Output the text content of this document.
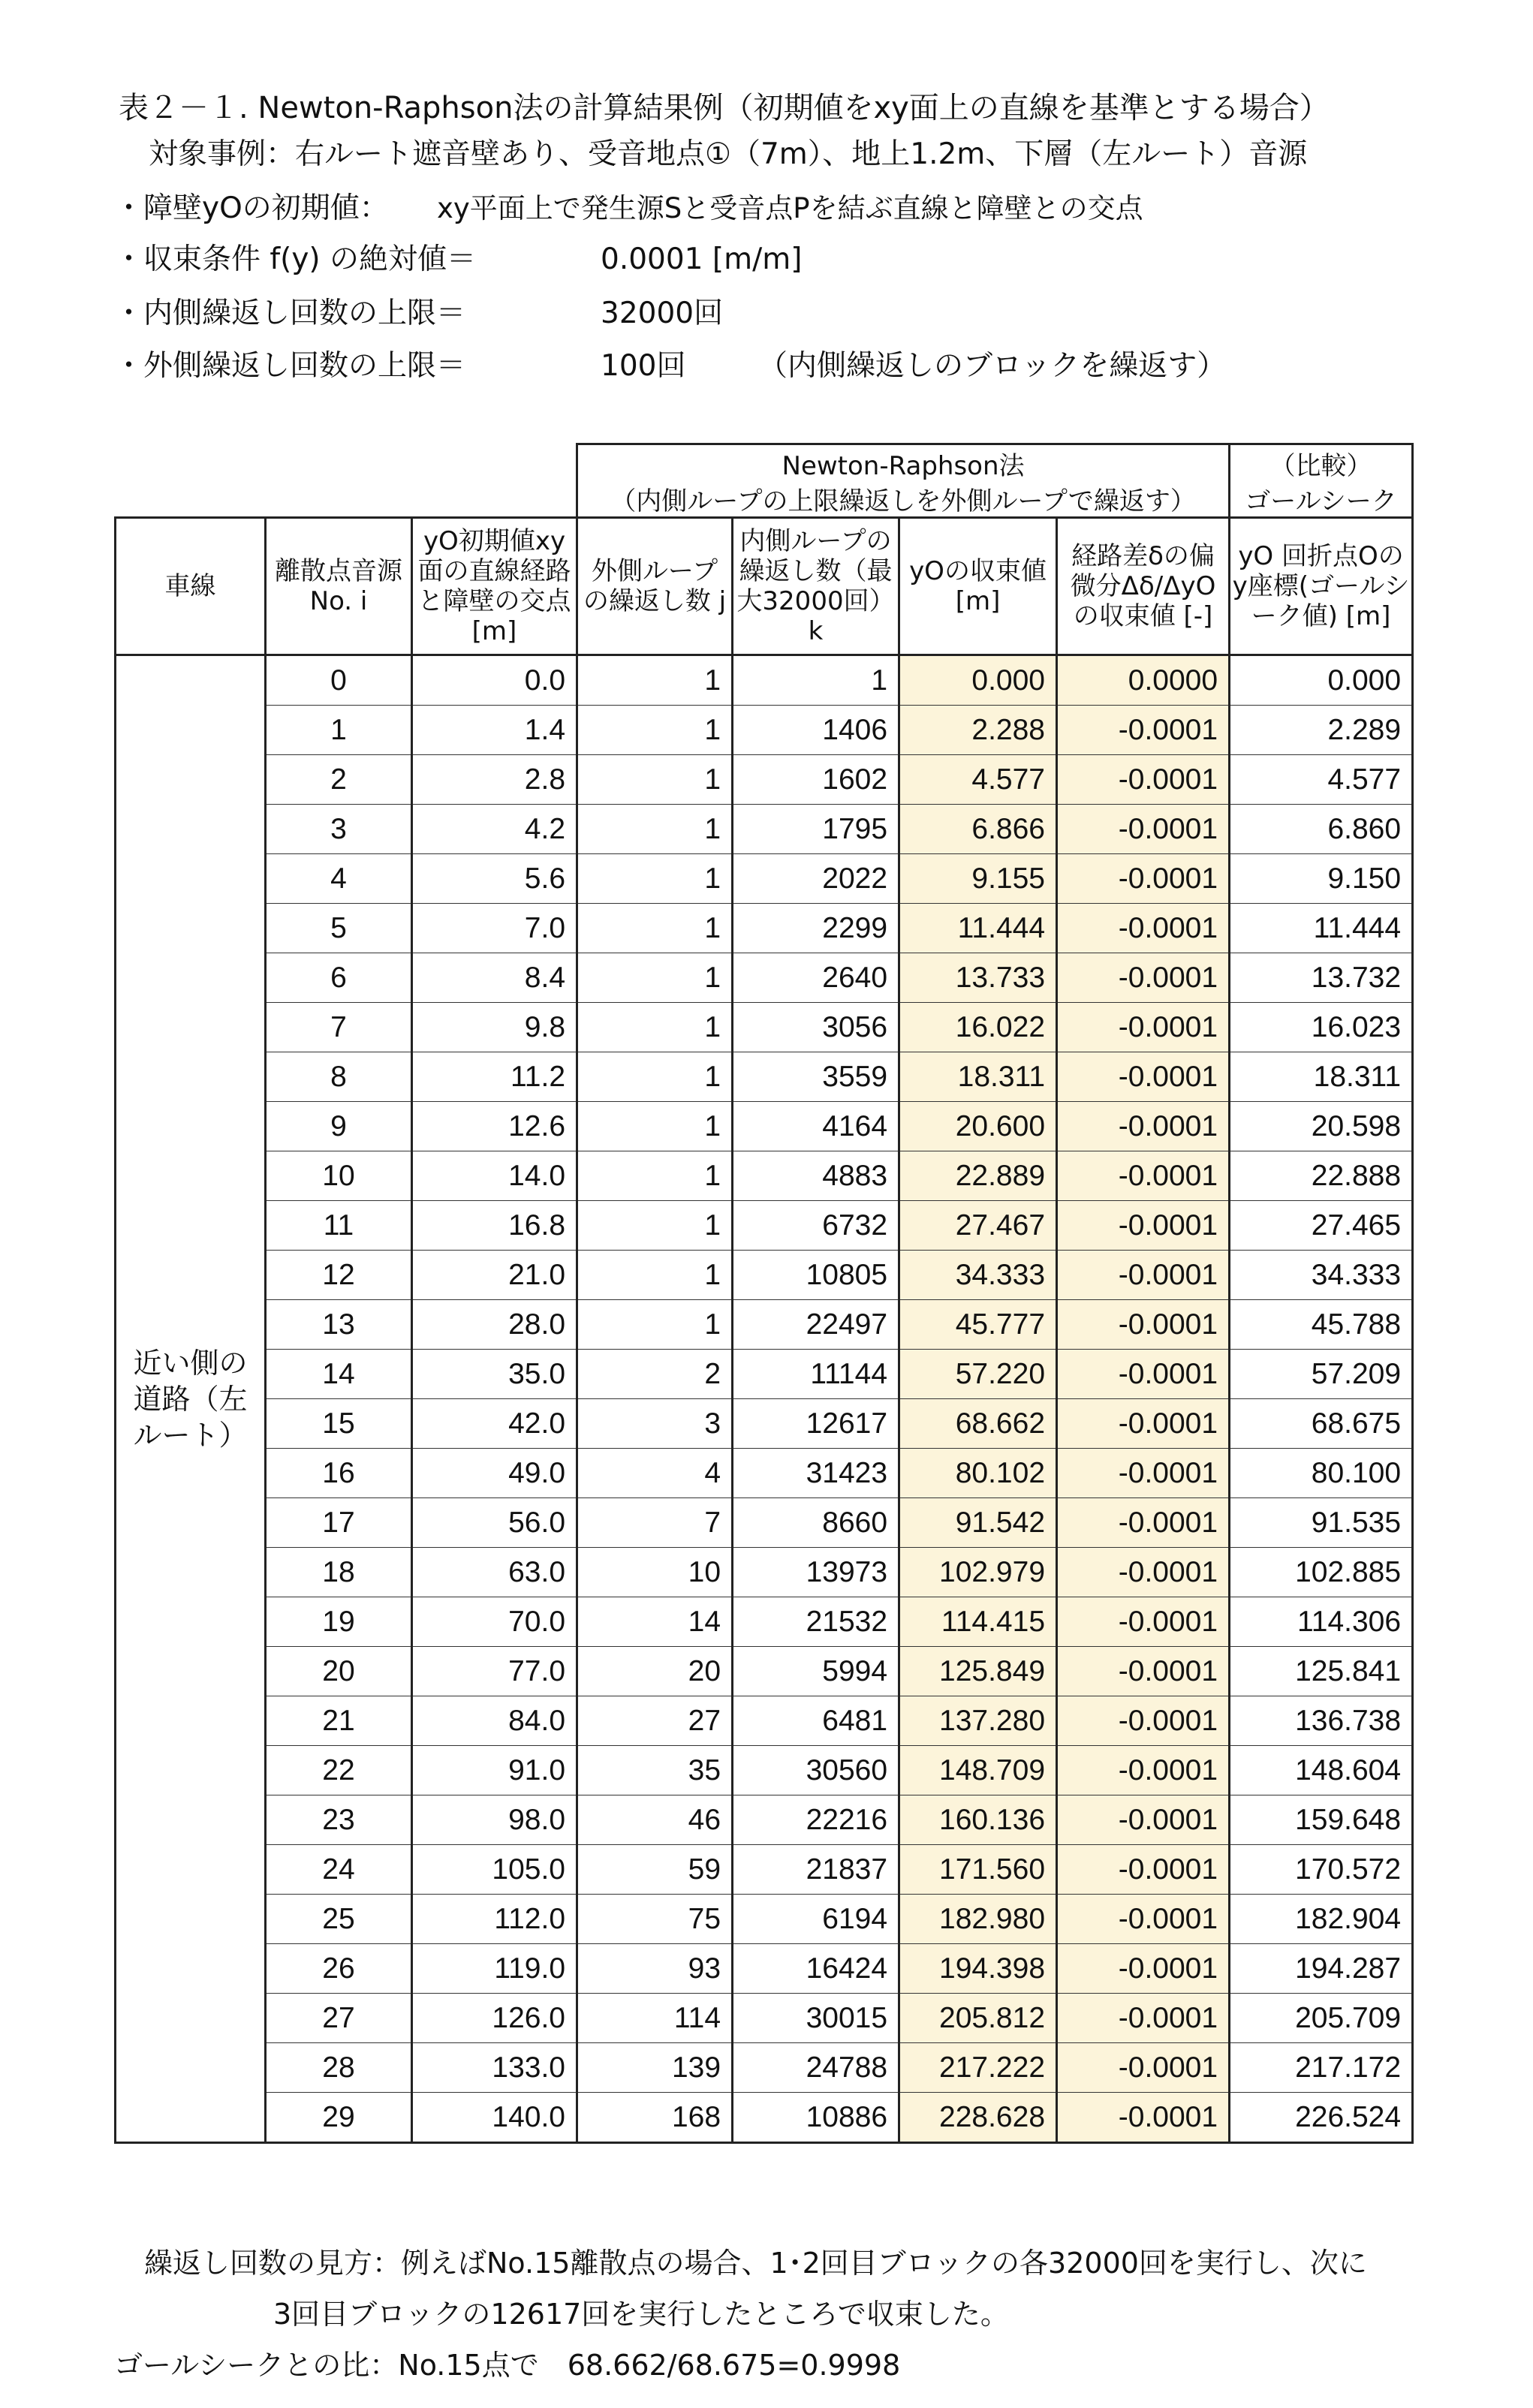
表２－１. Newton-Raphson法の計算結果例（初期値をxy面上の直線を基準とする場合）
対象事例：右ルート遮音壁あり、受音地点①（7m）、地上1.2m、下層（左ルート）音源
・障壁yOの初期値： xy平面上で発生源Sと受音点Pを結ぶ直線と障壁との交点
・収束条件 f(y) の絶対値＝	0.0001 [m/m]
・内側繰返し回数の上限＝	32000回
・外側繰返し回数の上限＝	100回 （内側繰返しのブロックを繰返す）
			Newton-Raphson法				（比較）
			（内側ループの上限繰返しを外側ループで繰返す）				ゴールシーク
車線	離散点音源No. i	yO初期値xy面の直線経路と障壁の交点 [m]	外側ループの繰返し数 j	内側ループの繰返し数（最大32000回）k	yOの収束値 [m]	経路差δの偏微分Δδ/ΔyOの収束値 [-]	yO 回折点Oのy座標(ゴールシーク値) [m]
近い側の道路（左ルート）	0	0.0	1	1	0.000	0.0000	0.000
	1	1.4	1	1406	2.288	-0.0001	2.289
	2	2.8	1	1602	4.577	-0.0001	4.577
	3	4.2	1	1795	6.866	-0.0001	6.860
	4	5.6	1	2022	9.155	-0.0001	9.150
	5	7.0	1	2299	11.444	-0.0001	11.444
	6	8.4	1	2640	13.733	-0.0001	13.732
	7	9.8	1	3056	16.022	-0.0001	16.023
	8	11.2	1	3559	18.311	-0.0001	18.311
	9	12.6	1	4164	20.600	-0.0001	20.598
	10	14.0	1	4883	22.889	-0.0001	22.888
	11	16.8	1	6732	27.467	-0.0001	27.465
	12	21.0	1	10805	34.333	-0.0001	34.333
	13	28.0	1	22497	45.777	-0.0001	45.788
	14	35.0	2	11144	57.220	-0.0001	57.209
	15	42.0	3	12617	68.662	-0.0001	68.675
	16	49.0	4	31423	80.102	-0.0001	80.100
	17	56.0	7	8660	91.542	-0.0001	91.535
	18	63.0	10	13973	102.979	-0.0001	102.885
	19	70.0	14	21532	114.415	-0.0001	114.306
	20	77.0	20	5994	125.849	-0.0001	125.841
	21	84.0	27	6481	137.280	-0.0001	136.738
	22	91.0	35	30560	148.709	-0.0001	148.604
	23	98.0	46	22216	160.136	-0.0001	159.648
	24	105.0	59	21837	171.560	-0.0001	170.572
	25	112.0	75	6194	182.980	-0.0001	182.904
	26	119.0	93	16424	194.398	-0.0001	194.287
	27	126.0	114	30015	205.812	-0.0001	205.709
	28	133.0	139	24788	217.222	-0.0001	217.172
	29	140.0	168	10886	228.628	-0.0001	226.524
繰返し回数の見方：例えばNo.15離散点の場合、1･2回目ブロックの各32000回を実行し、次に
3回目ブロックの12617回を実行したところで収束した。
ゴールシークとの比：No.15点で　68.662/68.675=0.9998
